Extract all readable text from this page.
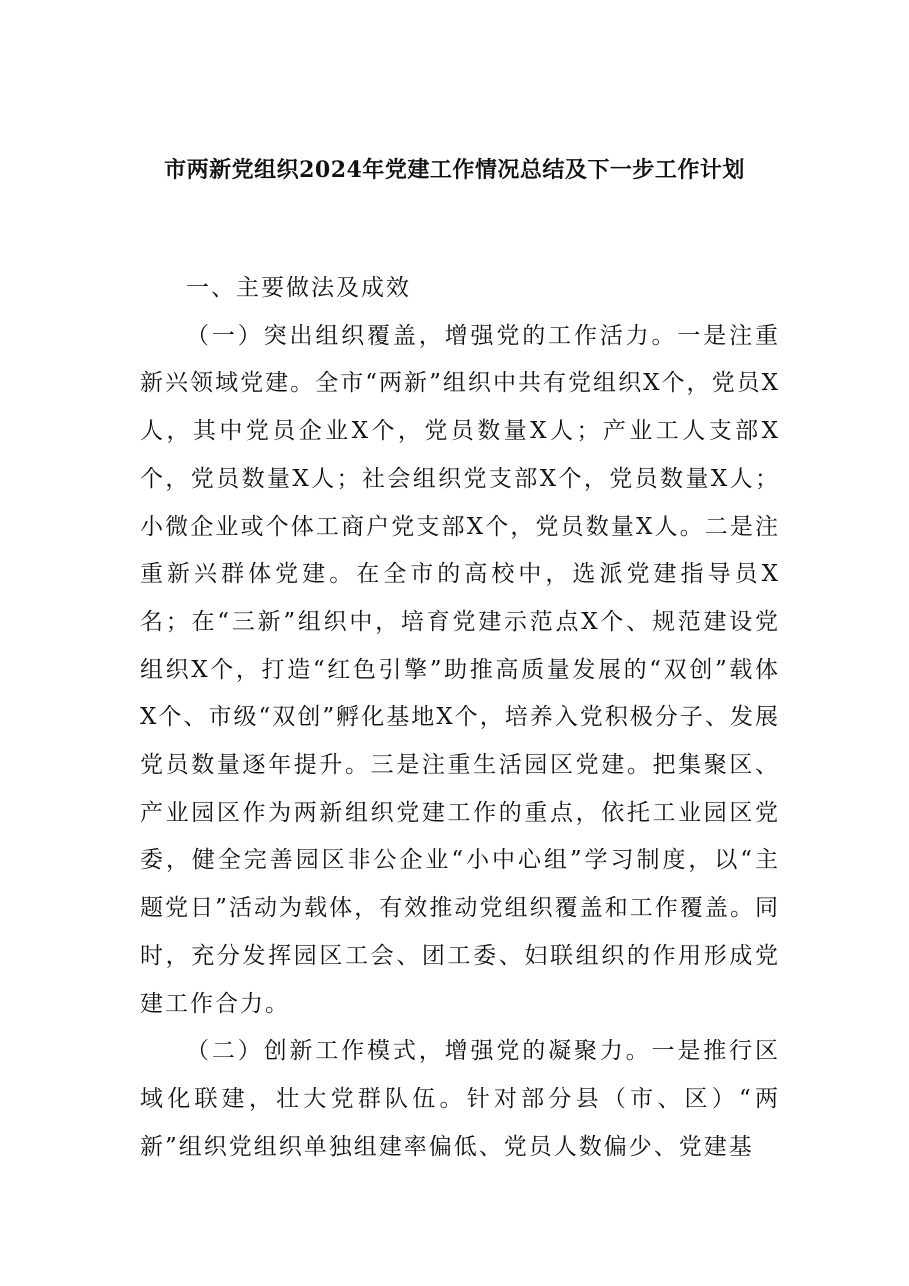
市两新党组织2024年党建工作情况总结及下一步工作计划
一、主要做法及成效

（一）突出组织覆盖，增强党的工作活力。一是注重新兴领域党建。全市“两新”组织中共有党组织X个，党员X人，其中党员企业X个，党员数量X人；产业工人支部X个，党员数量X人；社会组织党支部X个，党员数量X人；小微企业或个体工商户党支部X个，党员数量X人。二是注重新兴群体党建。在全市的高校中，选派党建指导员X名；在“三新”组织中，培育党建示范点X个、规范建设党组织X个，打造“红色引擎”助推高质量发展的“双创”载体X个、市级“双创”孵化基地X个，培养入党积极分子、发展党员数量逐年提升。三是注重生活园区党建。把集聚区、产业园区作为两新组织党建工作的重点，依托工业园区党委，健全完善园区非公企业“小中心组”学习制度，以“主题党日”活动为载体，有效推动党组织覆盖和工作覆盖。同时，充分发挥园区工会、团工委、妇联组织的作用形成党建工作合力。

（二）创新工作模式，增强党的凝聚力。一是推行区域化联建，壮大党群队伍。针对部分县（市、区）“两新”组织党组织单独组建率偏低、党员人数偏少、党建基
